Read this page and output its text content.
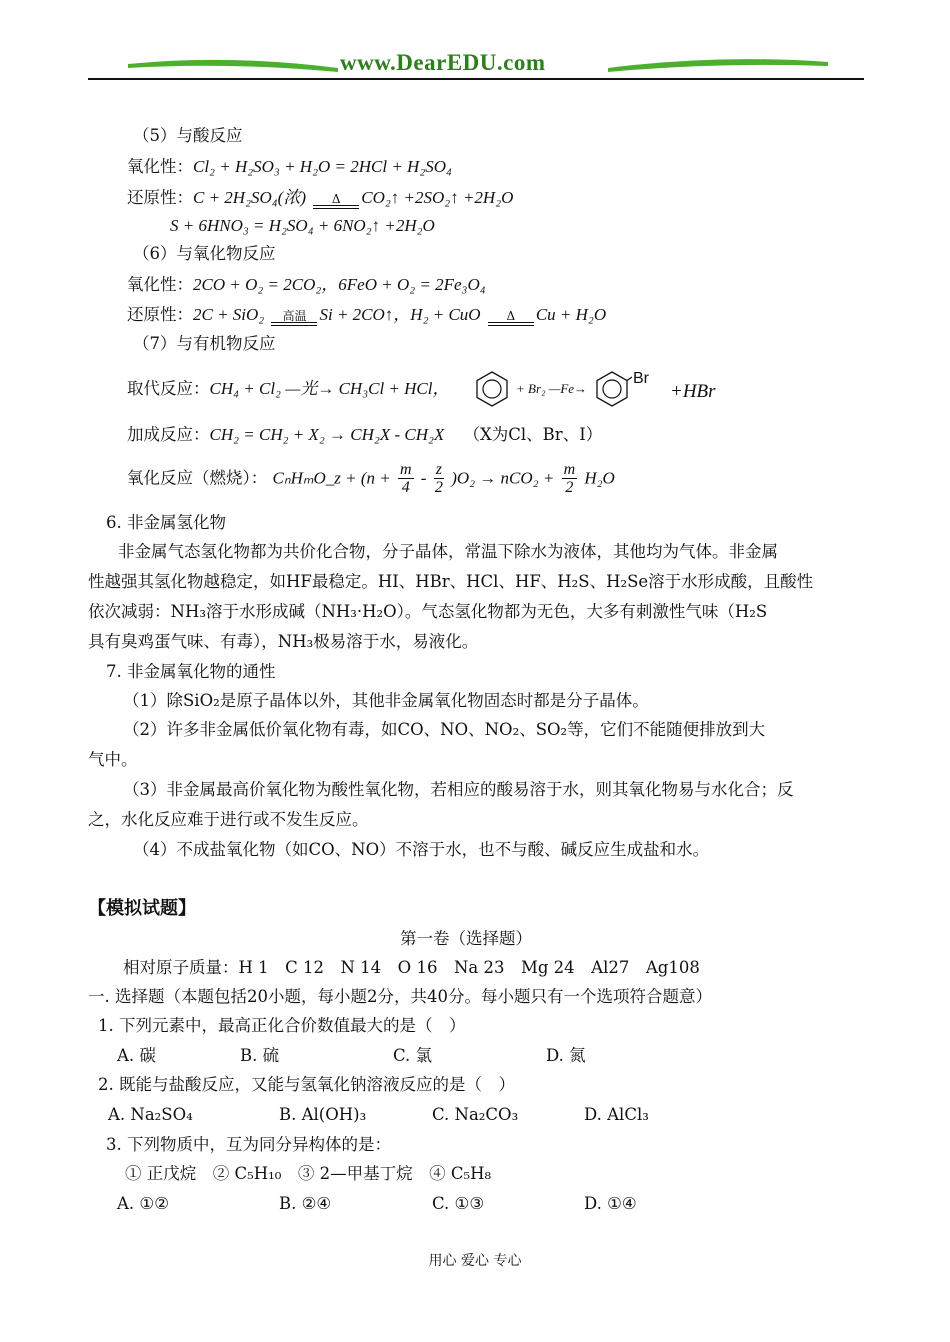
www.DearEDU.com
（5）与酸反应
氧化性：Cl₂ + H₂SO₃ + H₂O = 2HCl + H₂SO₄
还原性：C + 2H₂SO₄(浓)	Δ	CO₂↑ +2SO₂↑ +2H₂O
S + 6HNO₃ = H₂SO₄ + 6NO₂↑ +2H₂O
（6）与氧化物反应
氧化性：2CO + O₂ = 2CO₂，6FeO + O₂ = 2Fe₃O₄
还原性：2C + SiO₂	高温 Si + 2CO↑，H₂ + CuO	Δ	Cu + H₂O
（7）与有机物反应
取代反应：CH₄ + Cl₂ —光→ CH₃Cl + HCl，	+ Br₂ —Fe→
Br
+HBr
加成反应：CH₂ = CH₂ + X₂ → CH₂X - CH₂X （X为Cl、Br、I）
氧化反应（燃烧）： CₙHₘO_z + $(n + \frac{m}{4} - \frac{z}{2} )O_2 \to nCO_2 + \frac{m}{2} H_2O$
6. 非金属氢化物
非金属气态氢化物都为共价化合物，分子晶体，常温下除水为液体，其他均为气体。非金属
性越强其氢化物越稳定，如HF最稳定。HI、HBr、HCl、HF、H₂S、H₂Se溶于水形成酸，且酸性
依次减弱：NH₃溶于水形成碱（NH₃·H₂O）。气态氢化物都为无色，大多有刺激性气味（H₂S
具有臭鸡蛋气味、有毒），NH₃极易溶于水，易液化。
7. 非金属氧化物的通性
（1）除SiO₂是原子晶体以外，其他非金属氧化物固态时都是分子晶体。
（2）许多非金属低价氧化物有毒，如CO、NO、NO₂、SO₂等，它们不能随便排放到大
气中。
（3）非金属最高价氧化物为酸性氧化物，若相应的酸易溶于水，则其氧化物易与水化合；反
之，水化反应难于进行或不发生反应。
（4）不成盐氧化物（如CO、NO）不溶于水，也不与酸、碱反应生成盐和水。
【模拟试题】
第一卷（选择题）
相对原子质量：H 1　C 12　N 14　O 16　Na 23　Mg 24　Al27　Ag108
一. 选择题（本题包括20小题，每小题2分，共40分。每小题只有一个选项符合题意）
1. 下列元素中，最高正化合价数值最大的是（　）
A. 碳	B. 硫	C. 氯	D. 氮
2. 既能与盐酸反应，又能与氢氧化钠溶液反应的是（　）
A. Na₂SO₄	B. Al(OH)₃	C. Na₂CO₃	D. AlCl₃
3. 下列物质中，互为同分异构体的是：
① 正戊烷　② C₅H₁₀　③ 2—甲基丁烷　④ C₅H₈
A. ①②	B. ②④	C. ①③	D. ①④
用心 爱心 专心
